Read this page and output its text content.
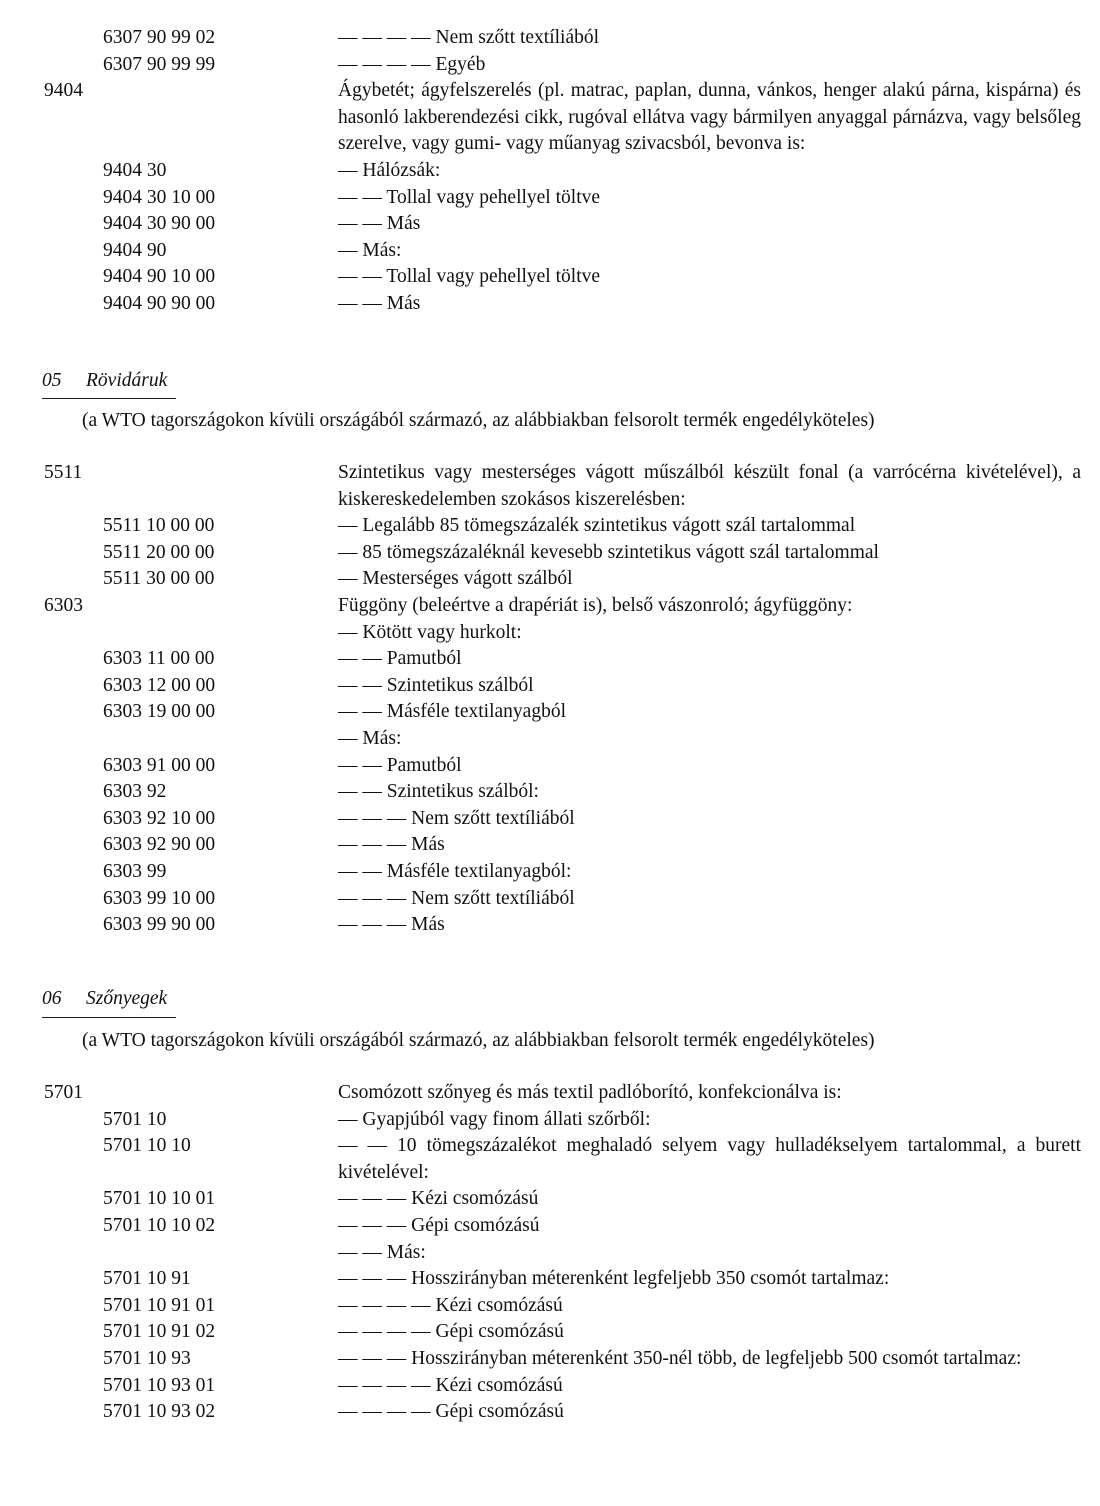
6307 90 99 02	— — — — Nem szőtt textíliából
6307 90 99 99	— — — — Egyéb
9404	Ágybetét; ágyfelszerelés (pl. matrac, paplan, dunna, vánkos, henger alakú párna, kispárna) és hasonló lakberendezési cikk, rugóval ellátva vagy bármilyen anyaggal párnázva, vagy belsőleg szerelve, vagy gumi- vagy műanyag szivacsból, bevonva is:
9404 30	— Hálózsák:
9404 30 10 00	— — Tollal vagy pehellyel töltve
9404 30 90 00	— — Más
9404 90	— Más:
9404 90 10 00	— — Tollal vagy pehellyel töltve
9404 90 90 00	— — Más
05 Rövidáruk
(a WTO tagországokon kívüli országából származó, az alábbiakban felsorolt termék engedélyköteles)
5511	Szintetikus vagy mesterséges vágott műszálból készült fonal (a varrócérna kivételével), a kiskereskedelemben szokásos kiszerelésben:
5511 10 00 00	— Legalább 85 tömegszázalék szintetikus vágott szál tartalommal
5511 20 00 00	— 85 tömegszázaléknál kevesebb szintetikus vágott szál tartalommal
5511 30 00 00	— Mesterséges vágott szálból
6303	Függöny (beleértve a drapériát is), belső vászonroló; ágyfüggöny:
— Kötött vagy hurkolt:
6303 11 00 00	— — Pamutból
6303 12 00 00	— — Szintetikus szálból
6303 19 00 00	— — Másféle textilanyagból
— Más:
6303 91 00 00	— — Pamutból
6303 92	— — Szintetikus szálból:
6303 92 10 00	— — — Nem szőtt textíliából
6303 92 90 00	— — — Más
6303 99	— — Másféle textilanyagból:
6303 99 10 00	— — — Nem szőtt textíliából
6303 99 90 00	— — — Más
06 Szőnyegek
(a WTO tagországokon kívüli országából származó, az alábbiakban felsorolt termék engedélyköteles)
5701	Csomózott szőnyeg és más textil padlóborító, konfekcionálva is:
5701 10	— Gyapjúból vagy finom állati szőrből:
5701 10 10	— — 10 tömegszázalékot meghaladó selyem vagy hulladékselyem tartalommal, a burett kivételével:
5701 10 10 01	— — — Kézi csomózású
5701 10 10 02	— — — Gépi csomózású
— — Más:
5701 10 91	— — — Hosszirányban méterenként legfeljebb 350 csomót tartalmaz:
5701 10 91 01	— — — — Kézi csomózású
5701 10 91 02	— — — — Gépi csomózású
5701 10 93	— — — Hosszirányban méterenként 350-nél több, de legfeljebb 500 csomót tartalmaz:
5701 10 93 01	— — — — Kézi csomózású
5701 10 93 02	— — — — Gépi csomózású
